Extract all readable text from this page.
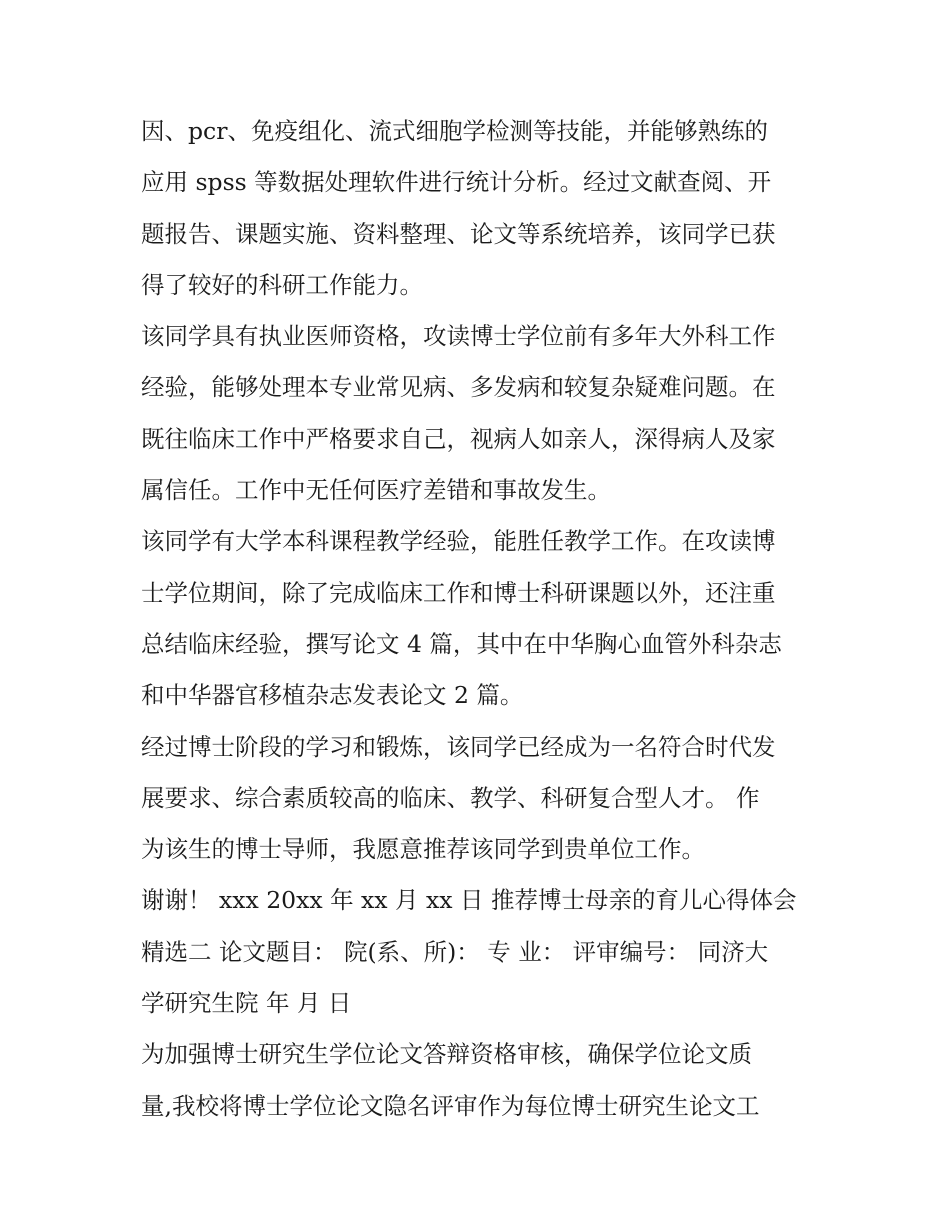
因、pcr、免疫组化、流式细胞学检测等技能，并能够熟练的
应用 spss 等数据处理软件进行统计分析。经过文献查阅、开
题报告、课题实施、资料整理、论文等系统培养，该同学已获
得了较好的科研工作能力。
该同学具有执业医师资格，攻读博士学位前有多年大外科工作
经验，能够处理本专业常见病、多发病和较复杂疑难问题。在
既往临床工作中严格要求自己，视病人如亲人，深得病人及家
属信任。工作中无任何医疗差错和事故发生。
该同学有大学本科课程教学经验，能胜任教学工作。在攻读博
士学位期间，除了完成临床工作和博士科研课题以外，还注重
总结临床经验，撰写论文 4 篇，其中在中华胸心血管外科杂志
和中华器官移植杂志发表论文 2 篇。
经过博士阶段的学习和锻炼，该同学已经成为一名符合时代发
展要求、综合素质较高的临床、教学、科研复合型人才。 作
为该生的博士导师，我愿意推荐该同学到贵单位工作。
谢谢！ xxx 20xx 年 xx 月 xx 日 推荐博士母亲的育儿心得体会
精选二 论文题目： 院(系、所)： 专 业： 评审编号： 同济大
学研究生院 年 月 日
为加强博士研究生学位论文答辩资格审核，确保学位论文质
量,我校将博士学位论文隐名评审作为每位博士研究生论文工
